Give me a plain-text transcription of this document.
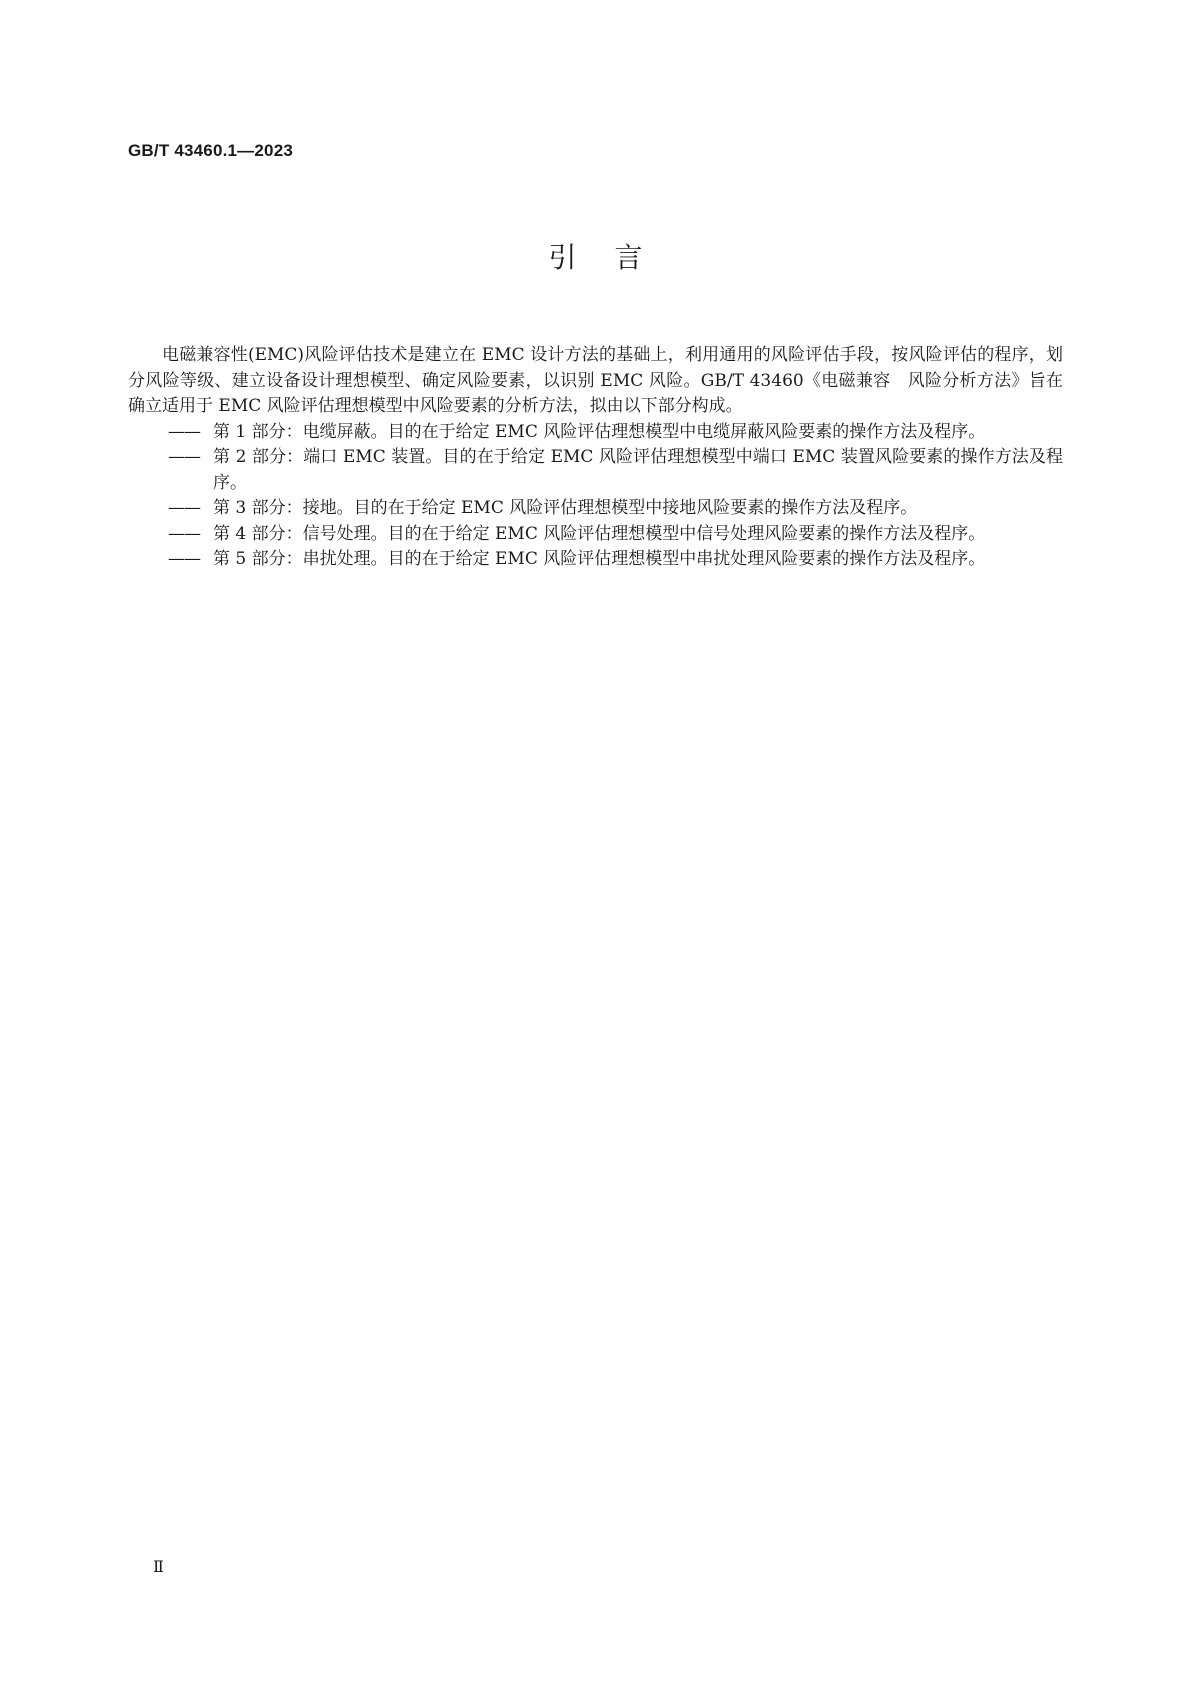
GB/T 43460.1—2023

引言

电磁兼容性(EMC)风险评估技术是建立在 EMC 设计方法的基础上，利用通用的风险评估手段，按风险评估的程序，划分风险等级、建立设备设计理想模型、确定风险要素，以识别 EMC 风险。GB/T 43460《电磁兼容　风险分析方法》旨在确立适用于 EMC 风险评估理想模型中风险要素的分析方法，拟由以下部分构成。

—— 第 1 部分：电缆屏蔽。目的在于给定 EMC 风险评估理想模型中电缆屏蔽风险要素的操作方法及程序。
—— 第 2 部分：端口 EMC 装置。目的在于给定 EMC 风险评估理想模型中端口 EMC 装置风险要素的操作方法及程序。
—— 第 3 部分：接地。目的在于给定 EMC 风险评估理想模型中接地风险要素的操作方法及程序。
—— 第 4 部分：信号处理。目的在于给定 EMC 风险评估理想模型中信号处理风险要素的操作方法及程序。
—— 第 5 部分：串扰处理。目的在于给定 EMC 风险评估理想模型中串扰处理风险要素的操作方法及程序。

Ⅱ
